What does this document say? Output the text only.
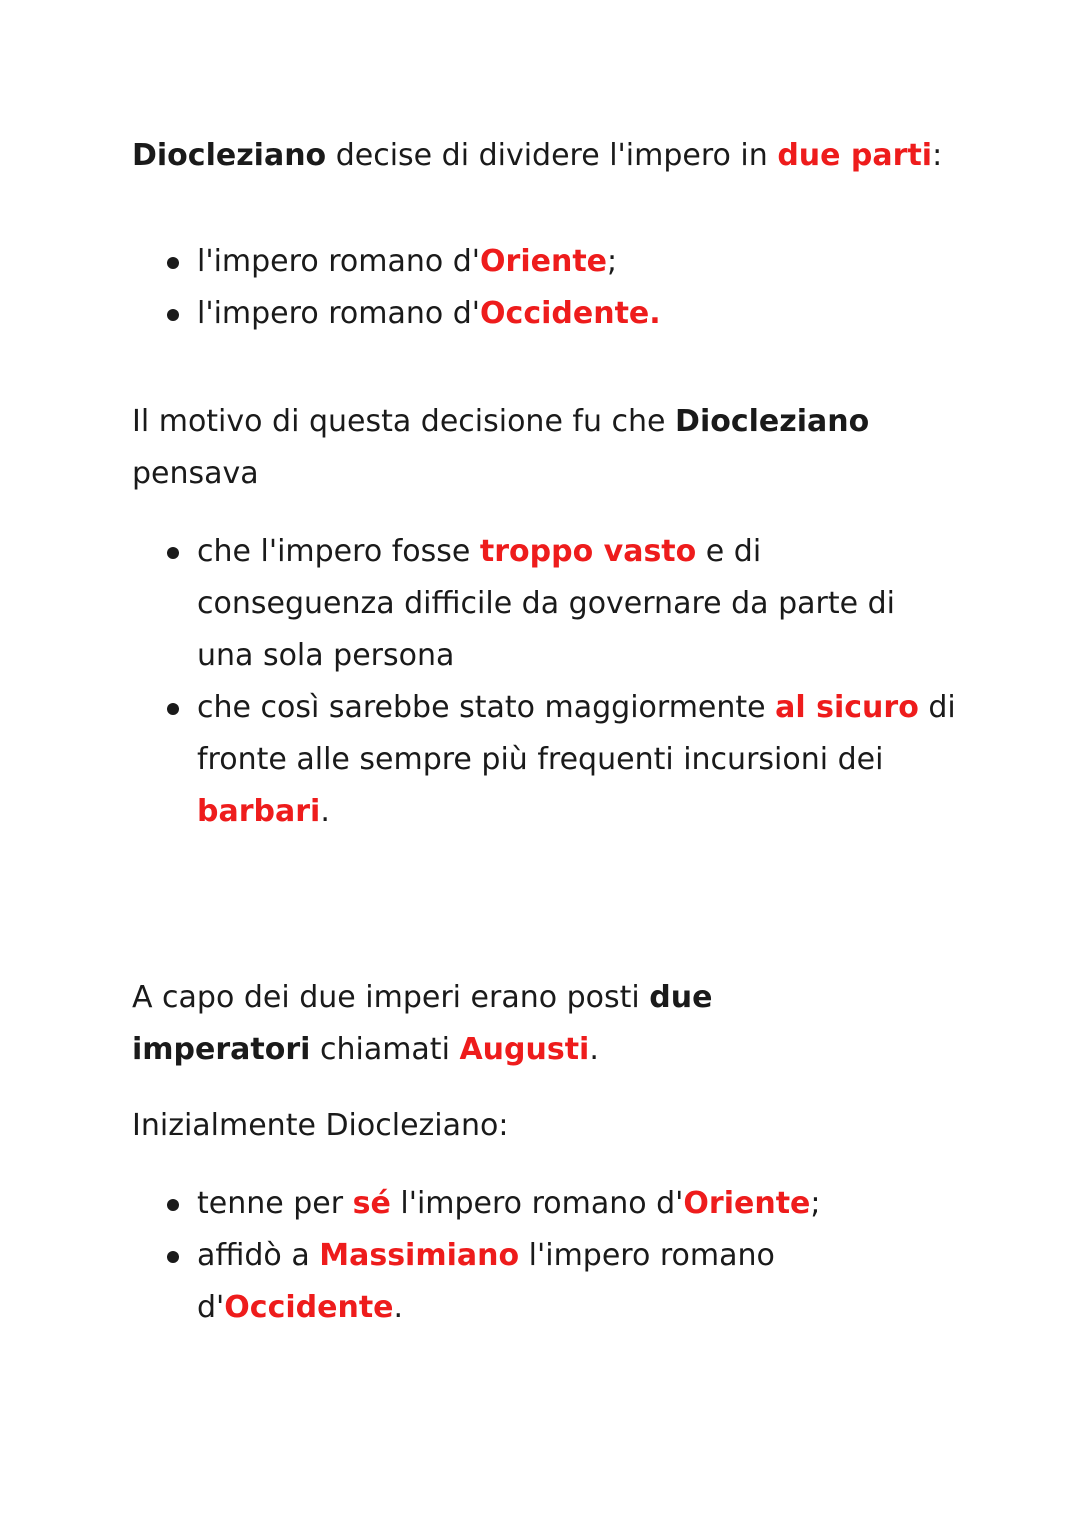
Diocleziano decise di dividere l'impero in due parti:

l'impero romano d'Oriente;
l'impero romano d'Occidente.

Il motivo di questa decisione fu che Diocleziano pensava

che l'impero fosse troppo vasto e di conseguenza difficile da governare da parte di una sola persona
che così sarebbe stato maggiormente al sicuro di fronte alle sempre più frequenti incursioni dei barbari.

A capo dei due imperi erano posti due imperatori chiamati Augusti.

Inizialmente Diocleziano:

tenne per sé l'impero romano d'Oriente;
affidò a Massimiano l'impero romano d'Occidente.
